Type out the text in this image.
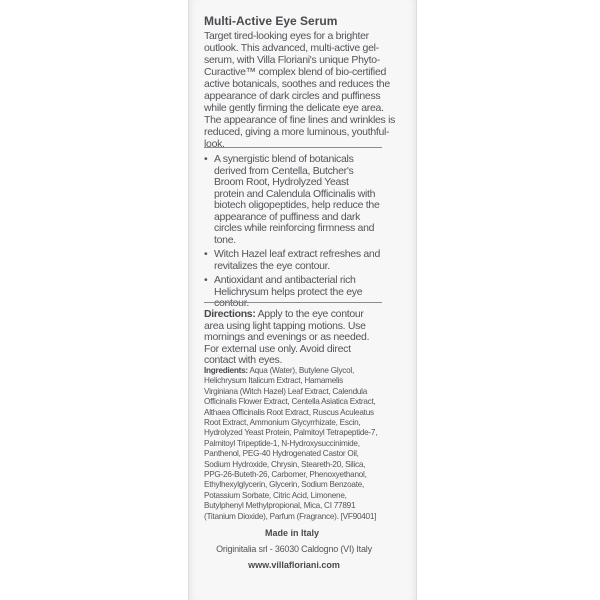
Multi-Active Eye Serum
Target tired-looking eyes for a brighter outlook. This advanced, multi-active gel-serum, with Villa Floriani's unique Phyto-Curactive™ complex blend of bio-certified active botanicals, soothes and reduces the appearance of dark circles and puffiness while gently firming the delicate eye area. The appearance of fine lines and wrinkles is reduced, giving a more luminous, youthful-look.
• A synergistic blend of botanicals derived from Centella, Butcher's Broom Root, Hydrolyzed Yeast protein and Calendula Officinalis with biotech oligopeptides, help reduce the appearance of puffiness and dark circles while reinforcing firmness and tone.
• Witch Hazel leaf extract refreshes and revitalizes the eye contour.
• Antioxidant and antibacterial rich Helichrysum helps protect the eye contour.
Directions: Apply to the eye contour area using light tapping motions. Use mornings and evenings or as needed. For external use only. Avoid direct contact with eyes.
Ingredients: Aqua (Water), Butylene Glycol, Helichrysum Italicum Extract, Hamamelis Virginiana (Witch Hazel) Leaf Extract, Calendula Officinalis Flower Extract, Centella Asiatica Extract, Althaea Officinalis Root Extract, Ruscus Aculeatus Root Extract, Ammonium Glycyrrhizate, Escin, Hydrolyzed Yeast Protein, Palmitoyl Tetrapeptide-7, Palmitoyl Tripeptide-1, N-Hydroxysuccinimide, Panthenol, PEG-40 Hydrogenated Castor Oil, Sodium Hydroxide, Chrysin, Steareth-20, Silica, PPG-26-Buteth-26, Carbomer, Phenoxyethanol, Ethylhexylglycerin, Glycerin, Sodium Benzoate, Potassium Sorbate, Citric Acid, Limonene, Butylphenyl Methylpropional, Mica, CI 77891 (Titanium Dioxide), Parfum (Fragrance). [VF90401]
Made in Italy
Originitalia srl - 36030 Caldogno (VI) Italy
www.villafloriani.com
